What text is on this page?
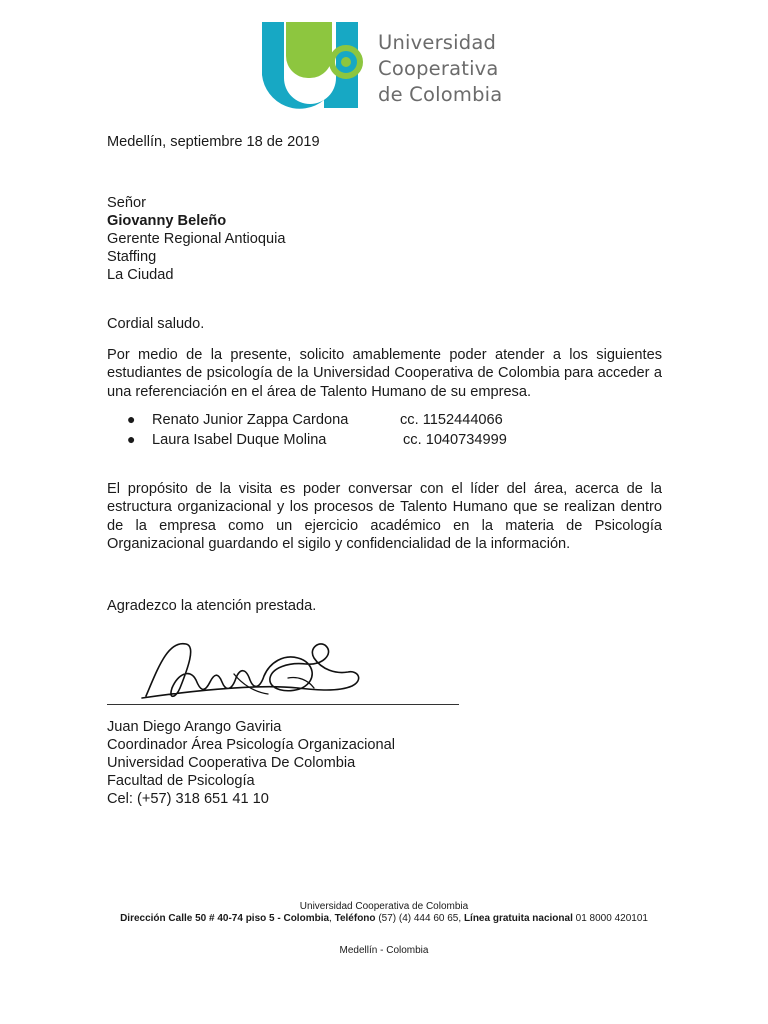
Universidad
Cooperativa
de Colombia
Medellín, septiembre 18 de 2019
Señor
Giovanny Beleño
Gerente Regional Antioquia
Staffing
La Ciudad
Cordial saludo.
Por medio de la presente, solicito amablemente poder atender a los siguientes estudiantes de psicología de la Universidad Cooperativa de Colombia para acceder a una referenciación en el área de Talento Humano de su empresa.
● Renato Junior Zappa Cardona	cc. 1152444066
● Laura Isabel Duque Molina	cc. 1040734999
El propósito de la visita es poder conversar con el líder del área, acerca de la estructura organizacional y los procesos de Talento Humano que se realizan dentro de la empresa como un ejercicio académico en la materia de Psicología Organizacional guardando el sigilo y confidencialidad de la información.
Agradezco la atención prestada.
Juan Diego Arango Gaviria
Coordinador Área Psicología Organizacional
Universidad Cooperativa De Colombia
Facultad de Psicología
Cel: (+57) 318 651 41 10
Universidad Cooperativa de Colombia
Dirección Calle 50 # 40-74 piso 5 - Colombia, Teléfono (57) (4) 444 60 65, Línea gratuita nacional 01 8000 420101
Medellín - Colombia
